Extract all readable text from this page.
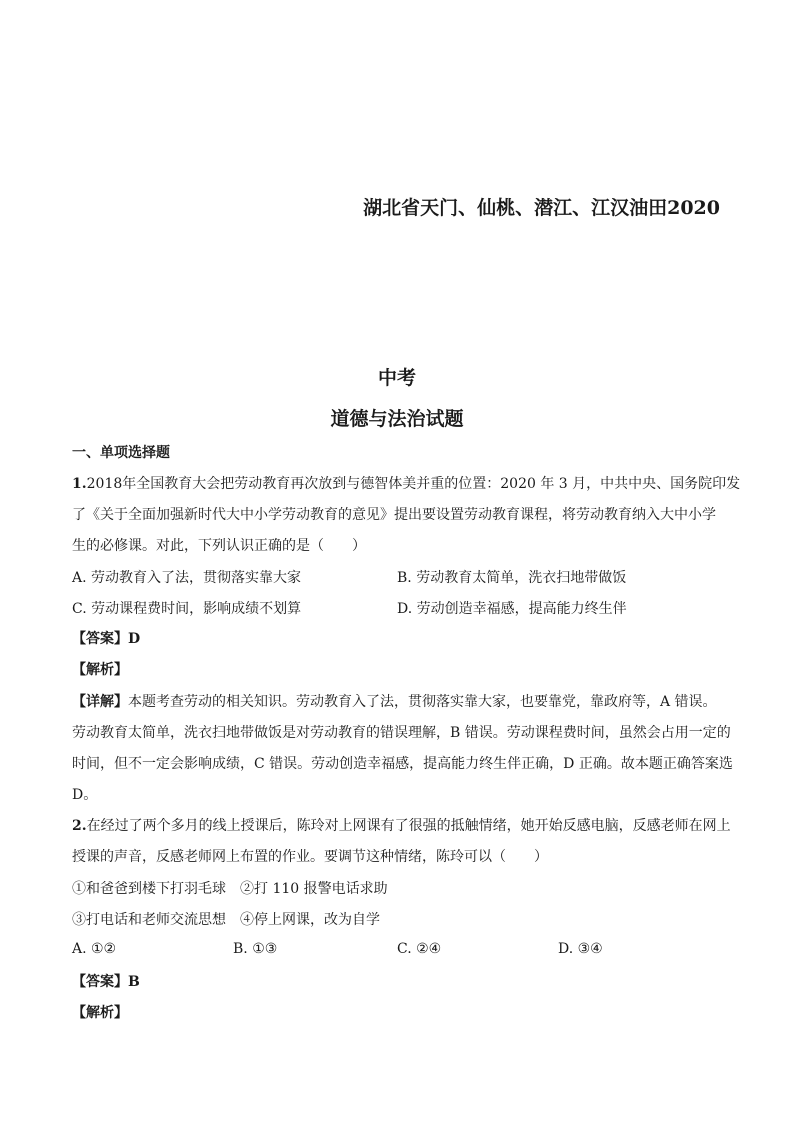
湖北省天门、仙桃、潜江、江汉油田2020
中考
道德与法治试题
一、单项选择题
1.2018年全国教育大会把劳动教育再次放到与德智体美并重的位置：2020 年 3 月，中共中央、国务院印发
了《关于全面加强新时代大中小学劳动教育的意见》提出要设置劳动教育课程，将劳动教育纳入大中小学
生的必修课。对此，下列认识正确的是（　　）
A. 劳动教育入了法，贯彻落实靠大家	B. 劳动教育太简单，洗衣扫地带做饭
C. 劳动课程费时间，影响成绩不划算	D. 劳动创造幸福感，提高能力终生伴
【答案】D
【解析】
【详解】本题考查劳动的相关知识。劳动教育入了法，贯彻落实靠大家，也要靠党，靠政府等，A 错误。
劳动教育太简单，洗衣扫地带做饭是对劳动教育的错误理解，B 错误。劳动课程费时间，虽然会占用一定的
时间，但不一定会影响成绩，C 错误。劳动创造幸福感，提高能力终生伴正确，D 正确。故本题正确答案选
D。
2.在经过了两个多月的线上授课后，陈玲对上网课有了很强的抵触情绪，她开始反感电脑，反感老师在网上
授课的声音，反感老师网上布置的作业。要调节这种情绪，陈玲可以（　　）
①和爸爸到楼下打羽毛球　②打 110 报警电话求助
③打电话和老师交流思想　④停上网课，改为自学
A. ①②	B. ①③	C. ②④	D. ③④
【答案】B
【解析】
